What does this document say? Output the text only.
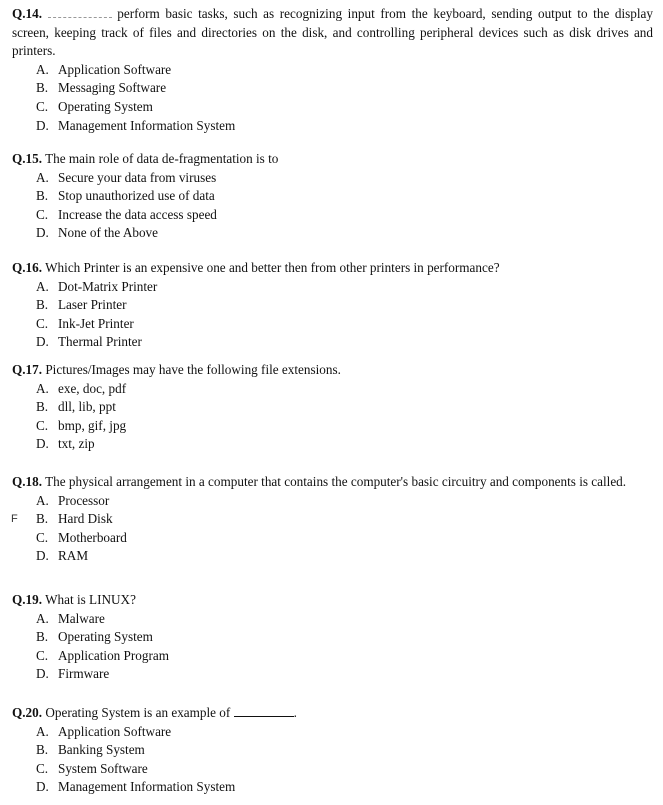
Q.14.	perform basic tasks, such as recognizing input from the keyboard, sending output to the display screen, keeping track of files and directories on the disk, and controlling peripheral devices such as disk drives and printers.
A. Application Software
B. Messaging Software
C. Operating System
D. Management Information System
Q.15. The main role of data de-fragmentation is to
A. Secure your data from viruses
B. Stop unauthorized use of data
C. Increase the data access speed
D. None of the Above
Q.16. Which Printer is an expensive one and better then from other printers in performance?
A. Dot-Matrix Printer
B. Laser Printer
C. Ink-Jet Printer
D. Thermal Printer
Q.17. Pictures/Images may have the following file extensions.
A. exe, doc, pdf
B. dll, lib, ppt
C. bmp, gif, jpg
D. txt, zip
Q.18. The physical arrangement in a computer that contains the computer's basic circuitry and components is called.
A. Processor
F B. Hard Disk
C. Motherboard
D. RAM
Q.19. What is LINUX?
A. Malware
B. Operating System
C. Application Program
D. Firmware
Q.20. Operating System is an example of	.
A. Application Software
B. Banking System
C. System Software
D. Management Information System
